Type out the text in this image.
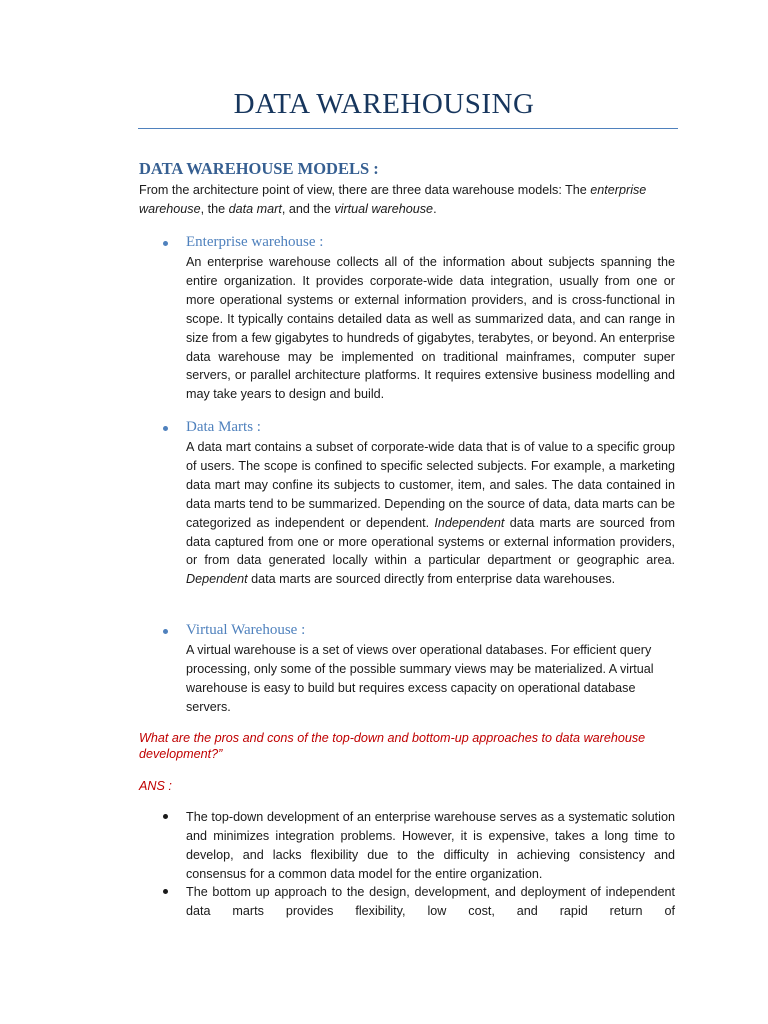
DATA WAREHOUSING
DATA WAREHOUSE MODELS :
From the architecture point of view, there are three data warehouse models: The enterprise warehouse, the data mart, and the virtual warehouse.
Enterprise warehouse :
An enterprise warehouse collects all of the information about subjects spanning the entire organization. It provides corporate-wide data integration, usually from one or more operational systems or external information providers, and is cross-functional in scope. It typically contains detailed data as well as summarized data, and can range in size from a few gigabytes to hundreds of gigabytes, terabytes, or beyond. An enterprise data warehouse may be implemented on traditional mainframes, computer super servers, or parallel architecture platforms. It requires extensive business modelling and may take years to design and build.
Data Marts :
A data mart contains a subset of corporate-wide data that is of value to a specific group of users. The scope is confined to specific selected subjects. For example, a marketing data mart may confine its subjects to customer, item, and sales. The data contained in data marts tend to be summarized. Depending on the source of data, data marts can be categorized as independent or dependent. Independent data marts are sourced from data captured from one or more operational systems or external information providers, or from data generated locally within a particular department or geographic area. Dependent data marts are sourced directly from enterprise data warehouses.
Virtual Warehouse :
A virtual warehouse is a set of views over operational databases. For efficient query
processing, only some of the possible summary views may be materialized. A virtual
warehouse is easy to build but requires excess capacity on operational database
servers.
What are the pros and cons of the top-down and bottom-up approaches to data warehouse development?”
ANS :
The top-down development of an enterprise warehouse serves as a systematic solution and minimizes integration problems. However, it is expensive, takes a long time to develop, and lacks flexibility due to the difficulty in achieving consistency and consensus for a common data model for the entire organization.
The bottom up approach to the design, development, and deployment of independent data marts provides flexibility, low cost, and rapid return of
